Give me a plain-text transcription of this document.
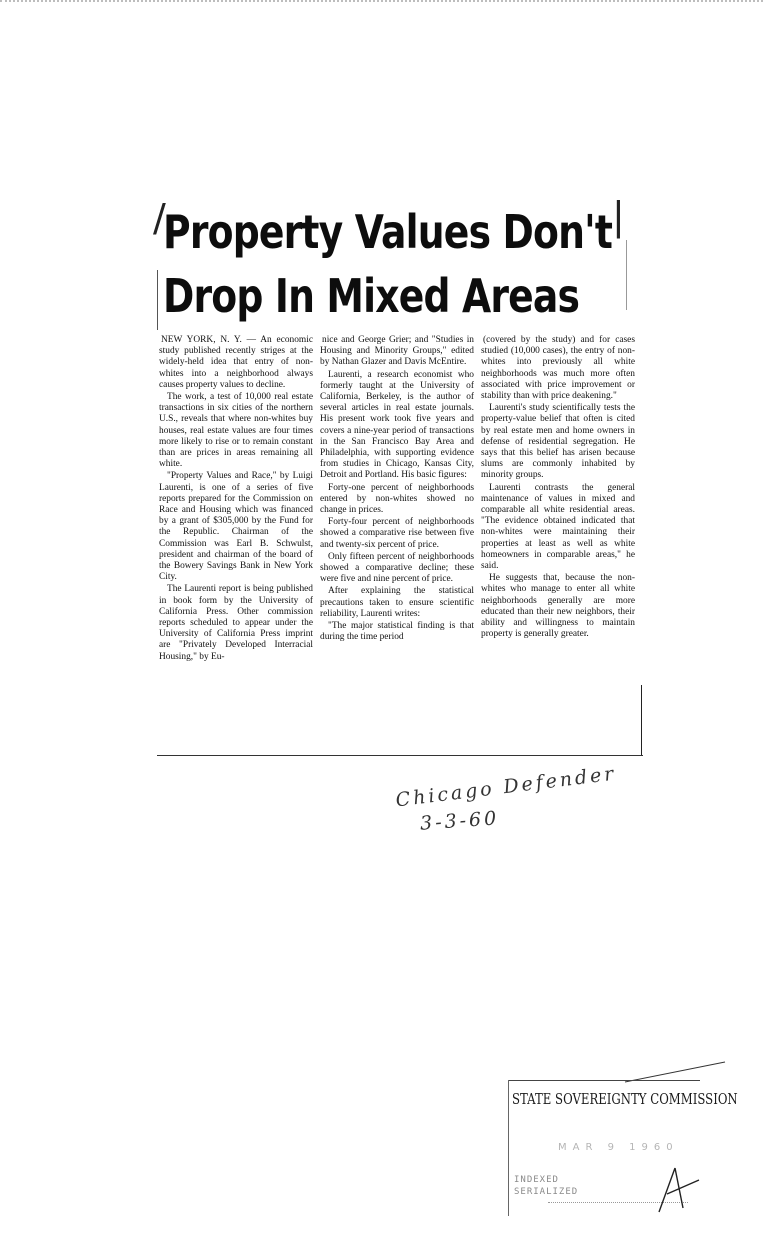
/	|
Property Values Don't
Drop In Mixed Areas

NEW YORK, N. Y. — An economic study published recently striges at the widely-held idea that entry of non-whites into a neighborhood always causes property values to decline.

The work, a test of 10,000 real estate transactions in six cities of the northern U.S., reveals that where non-whites buy houses, real estate values are four times more likely to rise or to remain constant than are prices in areas remaining all white.

"Property Values and Race," by Luigi Laurenti, is one of a series of five reports prepared for the Commission on Race and Housing which was financed by a grant of $305,000 by the Fund for the Republic. Chairman of the Commission was Earl B. Schwulst, president and chairman of the board of the Bowery Savings Bank in New York City.

The Laurenti report is being published in book form by the University of California Press. Other commission reports scheduled to appear under the University of California Press imprint are "Privately Developed Interracial Housing," by Eu-

nice and George Grier; and "Studies in Housing and Minority Groups," edited by Nathan Glazer and Davis McEntire.

Laurenti, a research economist who formerly taught at the University of California, Berkeley, is the author of several articles in real estate journals. His present work took five years and covers a nine-year period of transactions in the San Francisco Bay Area and Philadelphia, with supporting evidence from studies in Chicago, Kansas City, Detroit and Portland. His basic figures:

Forty-one percent of neighborhoods entered by non-whites showed no change in prices.

Forty-four percent of neighborhoods showed a comparative rise between five and twenty-six percent of price.

Only fifteen percent of neighborhoods showed a comparative decline; these were five and nine percent of price.

After explaining the statistical precautions taken to ensure scientific reliability, Laurenti writes:

"The major statistical finding is that during the time period

(covered by the study) and for cases studied (10,000 cases), the entry of non-whites into previously all white neighborhoods was much more often associated with price improvement or stability than with price deakening."

Laurenti's study scientifically tests the property-value belief that often is cited by real estate men and home owners in defense of residential segregation. He says that this belief has arisen because slums are commonly inhabited by minority groups.

Laurenti contrasts the general maintenance of values in mixed and comparable all white residential areas. "The evidence obtained indicated that non-whites were maintaining their properties at least as well as white homeowners in comparable areas," he said.

He suggests that, because the non-whites who manage to enter all white neighborhoods generally are more educated than their new neighbors, their ability and willingness to maintain property is generally greater.

Chicago Defender
3-3-60
STATE SOVEREIGNTY COMMISSION
MAR 9 1960
INDEXED
SERIALIZED
